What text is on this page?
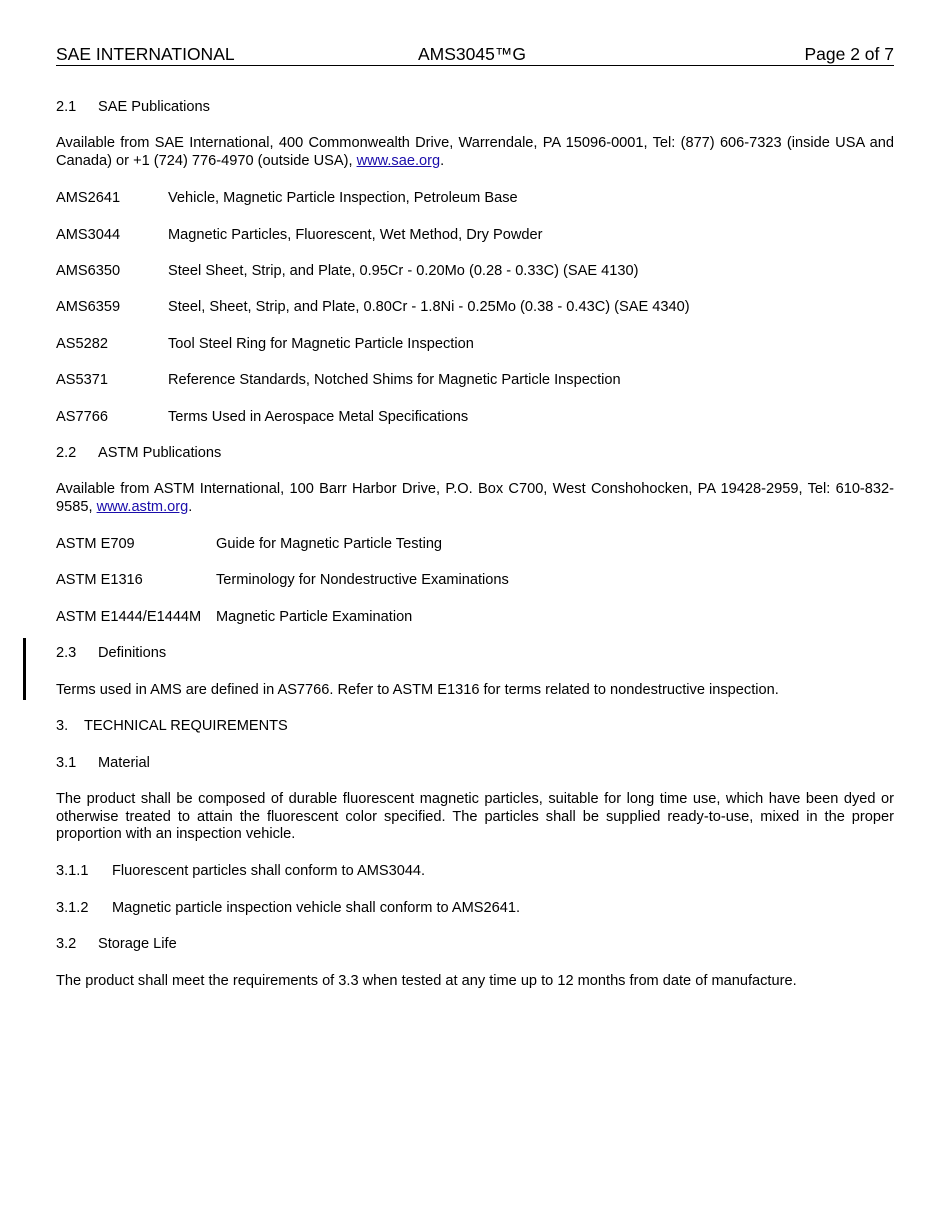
SAE INTERNATIONAL	AMS3045™G	Page 2 of 7
2.1 SAE Publications
Available from SAE International, 400 Commonwealth Drive, Warrendale, PA 15096-0001, Tel: (877) 606-7323 (inside USA and Canada) or +1 (724) 776-4970 (outside USA), www.sae.org.
AMS2641	Vehicle, Magnetic Particle Inspection, Petroleum Base
AMS3044	Magnetic Particles, Fluorescent, Wet Method, Dry Powder
AMS6350	Steel Sheet, Strip, and Plate, 0.95Cr - 0.20Mo (0.28 - 0.33C) (SAE 4130)
AMS6359	Steel, Sheet, Strip, and Plate, 0.80Cr - 1.8Ni - 0.25Mo (0.38 - 0.43C) (SAE 4340)
AS5282	Tool Steel Ring for Magnetic Particle Inspection
AS5371	Reference Standards, Notched Shims for Magnetic Particle Inspection
AS7766	Terms Used in Aerospace Metal Specifications
2.2 ASTM Publications
Available from ASTM International, 100 Barr Harbor Drive, P.O. Box C700, West Conshohocken, PA 19428-2959, Tel: 610-832-9585, www.astm.org.
ASTM E709	Guide for Magnetic Particle Testing
ASTM E1316	Terminology for Nondestructive Examinations
ASTM E1444/E1444M Magnetic Particle Examination
2.3 Definitions
Terms used in AMS are defined in AS7766. Refer to ASTM E1316 for terms related to nondestructive inspection.
3. TECHNICAL REQUIREMENTS
3.1 Material
The product shall be composed of durable fluorescent magnetic particles, suitable for long time use, which have been dyed or otherwise treated to attain the fluorescent color specified. The particles shall be supplied ready-to-use, mixed in the proper proportion with an inspection vehicle.
3.1.1 Fluorescent particles shall conform to AMS3044.
3.1.2 Magnetic particle inspection vehicle shall conform to AMS2641.
3.2 Storage Life
The product shall meet the requirements of 3.3 when tested at any time up to 12 months from date of manufacture.
